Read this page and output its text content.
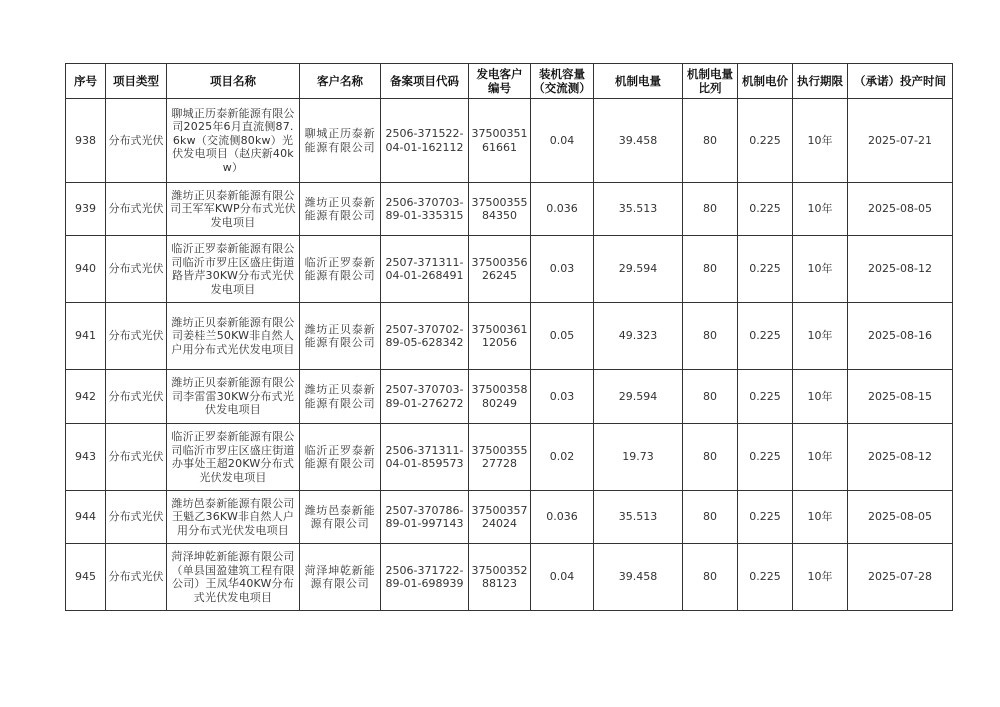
序号	项目类型	项目名称	客户名称	备案项目代码	发电客户编号	装机容量（交流测）	机制电量	机制电量比列	机制电价	执行期限	（承诺）投产时间
938	分布式光伏	聊城正历泰新能源有限公司2025年6月直流侧87.6kw（交流侧80kw）光伏发电项目（赵庆新40kw）	聊城正历泰新能源有限公司	2506-371522-04-01-162112	3750035161661	0.04	39.458	80	0.225	10年	2025-07-21
939	分布式光伏	潍坊正贝泰新能源有限公司王军军KWP分布式光伏发电项目	潍坊正贝泰新能源有限公司	2506-370703-89-01-335315	3750035584350	0.036	35.513	80	0.225	10年	2025-08-05
940	分布式光伏	临沂正罗泰新能源有限公司临沂市罗庄区盛庄街道路皆芹30KW分布式光伏发电项目	临沂正罗泰新能源有限公司	2507-371311-04-01-268491	3750035626245	0.03	29.594	80	0.225	10年	2025-08-12
941	分布式光伏	潍坊正贝泰新能源有限公司姜桂兰50KW非自然人户用分布式光伏发电项目	潍坊正贝泰新能源有限公司	2507-370702-89-05-628342	3750036112056	0.05	49.323	80	0.225	10年	2025-08-16
942	分布式光伏	潍坊正贝泰新能源有限公司李雷雷30KW分布式光伏发电项目	潍坊正贝泰新能源有限公司	2507-370703-89-01-276272	3750035880249	0.03	29.594	80	0.225	10年	2025-08-15
943	分布式光伏	临沂正罗泰新能源有限公司临沂市罗庄区盛庄街道办事处王超20KW分布式光伏发电项目	临沂正罗泰新能源有限公司	2506-371311-04-01-859573	3750035527728	0.02	19.73	80	0.225	10年	2025-08-12
944	分布式光伏	潍坊邑泰新能源有限公司王魁乙36KW非自然人户用分布式光伏发电项目	潍坊邑泰新能源有限公司	2507-370786-89-01-997143	3750035724024	0.036	35.513	80	0.225	10年	2025-08-05
945	分布式光伏	菏泽坤乾新能源有限公司（单县国盈建筑工程有限公司）王凤华40KW分布式光伏发电项目	菏泽坤乾新能源有限公司	2506-371722-89-01-698939	3750035288123	0.04	39.458	80	0.225	10年	2025-07-28
